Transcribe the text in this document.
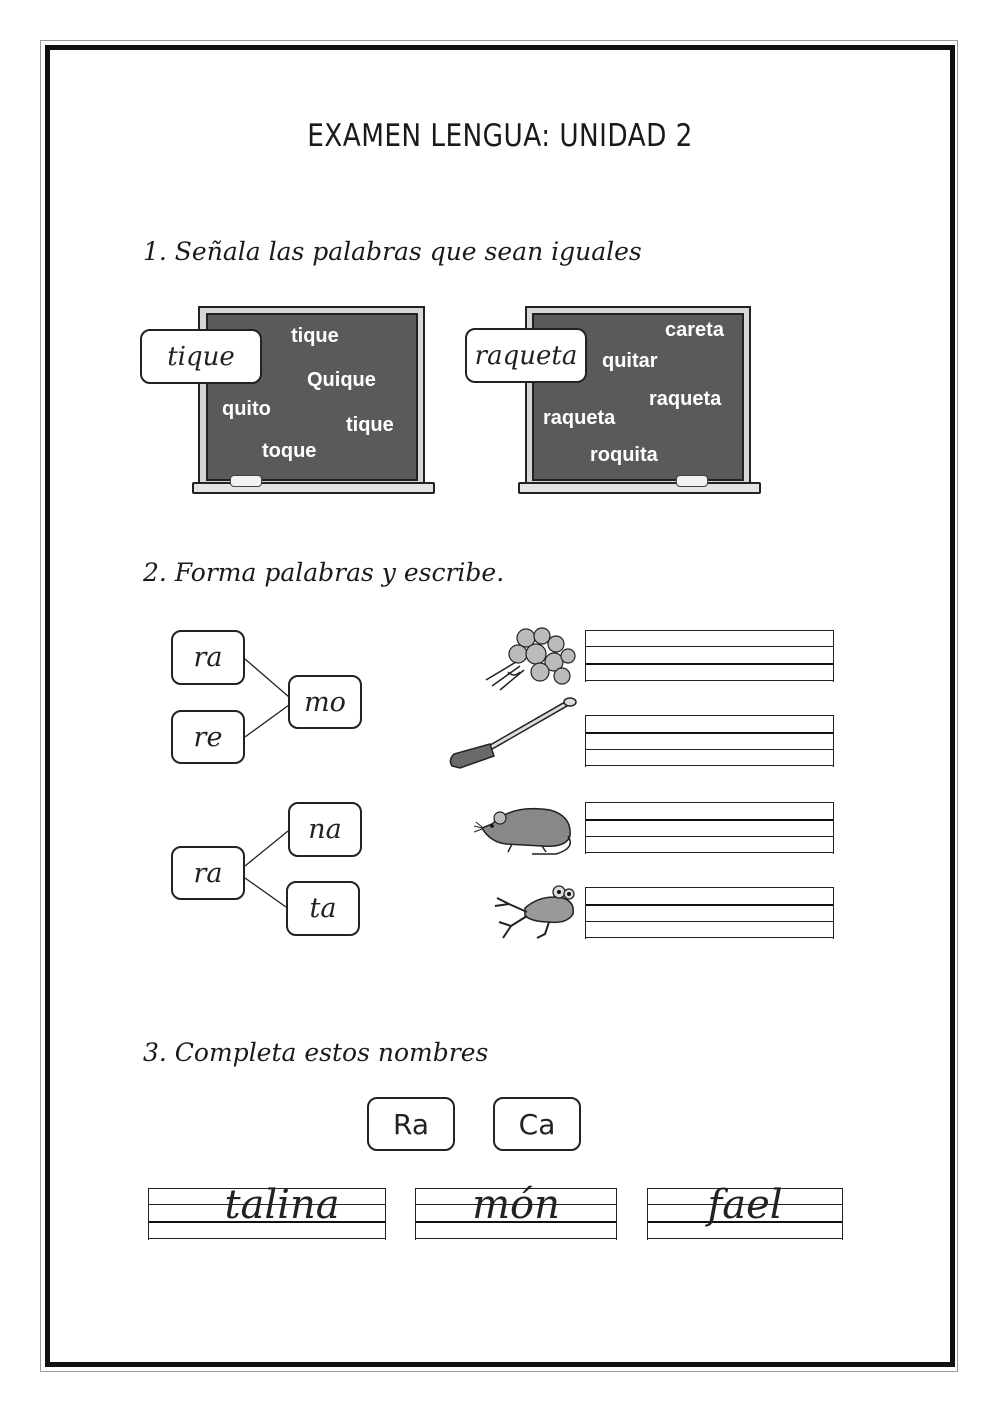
EXAMEN LENGUA: UNIDAD 2
1. Señala las palabras que sean iguales
tique
Quique
quito
tique
toque
tique
careta
quitar
raqueta
raqueta
roquita
raqueta
2. Forma palabras y escribe.
ra
re
mo
ra
na
ta
3. Completa estos nombres
Ra	Ca
talina	món	fael
